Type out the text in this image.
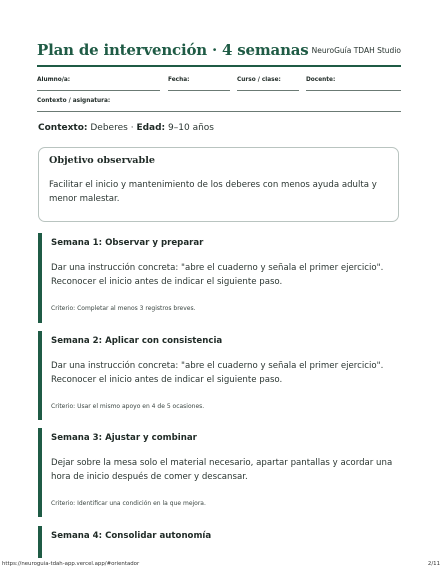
Plan de intervención · 4 semanas NeuroGuía TDAH Studio
Alumno/a:	Fecha:	Curso / clase:	Docente:
Contexto / asignatura:
Contexto: Deberes · Edad: 9–10 años
Objetivo observable
Facilitar el inicio y mantenimiento de los deberes con menos ayuda adulta y menor malestar.
Semana 1: Observar y preparar
Dar una instrucción concreta: "abre el cuaderno y señala el primer ejercicio". Reconocer el inicio antes de indicar el siguiente paso.
Criterio: Completar al menos 3 registros breves.
Semana 2: Aplicar con consistencia
Dar una instrucción concreta: "abre el cuaderno y señala el primer ejercicio". Reconocer el inicio antes de indicar el siguiente paso.
Criterio: Usar el mismo apoyo en 4 de 5 ocasiones.
Semana 3: Ajustar y combinar
Dejar sobre la mesa solo el material necesario, apartar pantallas y acordar una hora de inicio después de comer y descansar.
Criterio: Identificar una condición en la que mejora.
Semana 4: Consolidar autonomía
https://neuroguia-tdah-app.vercel.app/#orientador	2/11
